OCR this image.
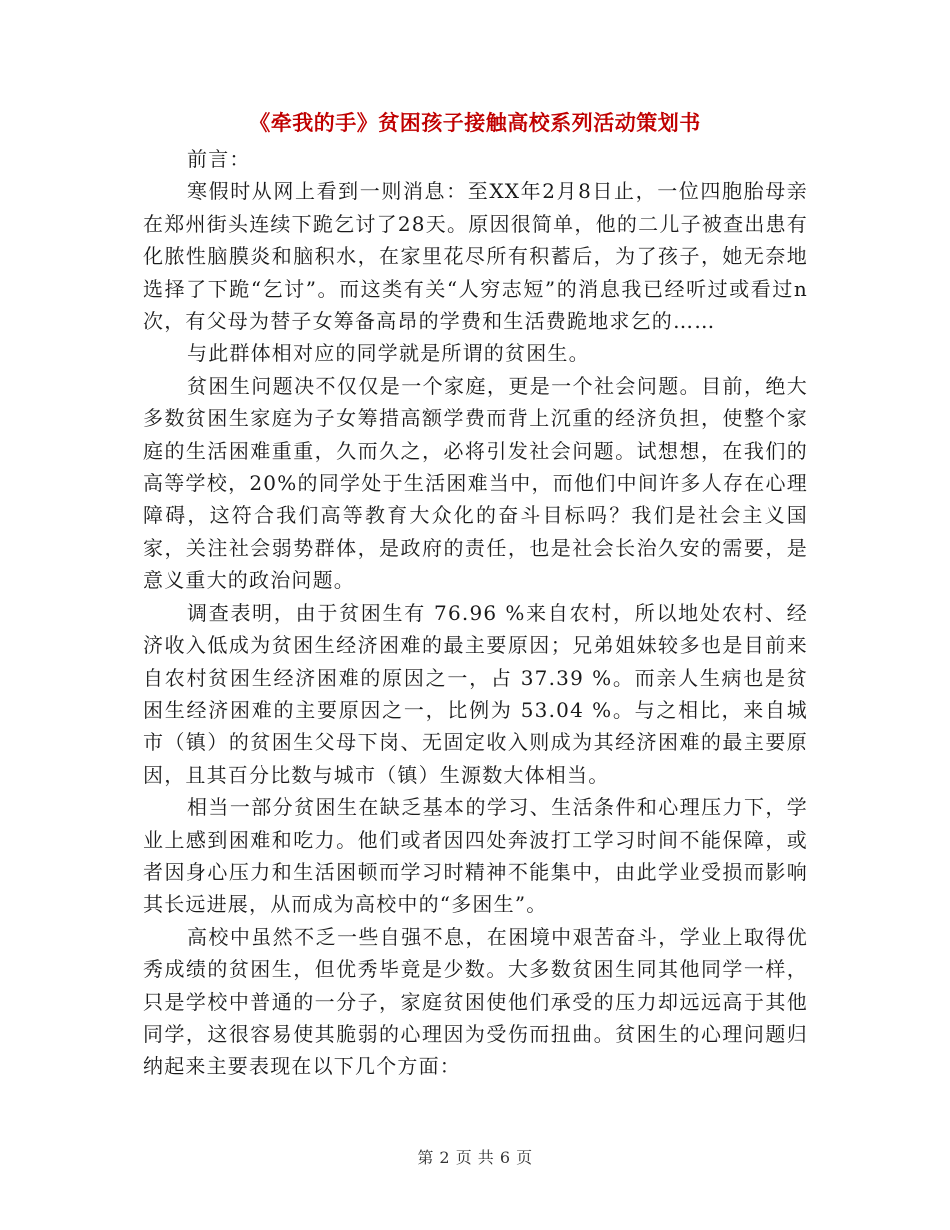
《牵我的手》贫困孩子接触高校系列活动策划书

前言：

寒假时从网上看到一则消息：至XX年2月8日止，一位四胞胎母亲在郑州街头连续下跪乞讨了28天。原因很简单，他的二儿子被查出患有化脓性脑膜炎和脑积水，在家里花尽所有积蓄后，为了孩子，她无奈地选择了下跪“乞讨”。而这类有关“人穷志短”的消息我已经听过或看过n次，有父母为替子女筹备高昂的学费和生活费跪地求乞的……

与此群体相对应的同学就是所谓的贫困生。

贫困生问题决不仅仅是一个家庭，更是一个社会问题。目前，绝大多数贫困生家庭为子女筹措高额学费而背上沉重的经济负担，使整个家庭的生活困难重重，久而久之，必将引发社会问题。试想想，在我们的高等学校，20%的同学处于生活困难当中，而他们中间许多人存在心理障碍，这符合我们高等教育大众化的奋斗目标吗？我们是社会主义国家，关注社会弱势群体，是政府的责任，也是社会长治久安的需要，是意义重大的政治问题。

调查表明，由于贫困生有 76.96 %来自农村，所以地处农村、经济收入低成为贫困生经济困难的最主要原因；兄弟姐妹较多也是目前来自农村贫困生经济困难的原因之一，占 37.39 %。而亲人生病也是贫困生经济困难的主要原因之一，比例为 53.04 %。与之相比，来自城市（镇）的贫困生父母下岗、无固定收入则成为其经济困难的最主要原因，且其百分比数与城市（镇）生源数大体相当。

相当一部分贫困生在缺乏基本的学习、生活条件和心理压力下，学业上感到困难和吃力。他们或者因四处奔波打工学习时间不能保障，或者因身心压力和生活困顿而学习时精神不能集中，由此学业受损而影响其长远进展，从而成为高校中的“多困生”。

高校中虽然不乏一些自强不息，在困境中艰苦奋斗，学业上取得优秀成绩的贫困生，但优秀毕竟是少数。大多数贫困生同其他同学一样，只是学校中普通的一分子，家庭贫困使他们承受的压力却远远高于其他同学，这很容易使其脆弱的心理因为受伤而扭曲。贫困生的心理问题归纳起来主要表现在以下几个方面：

第 2 页 共 6 页
